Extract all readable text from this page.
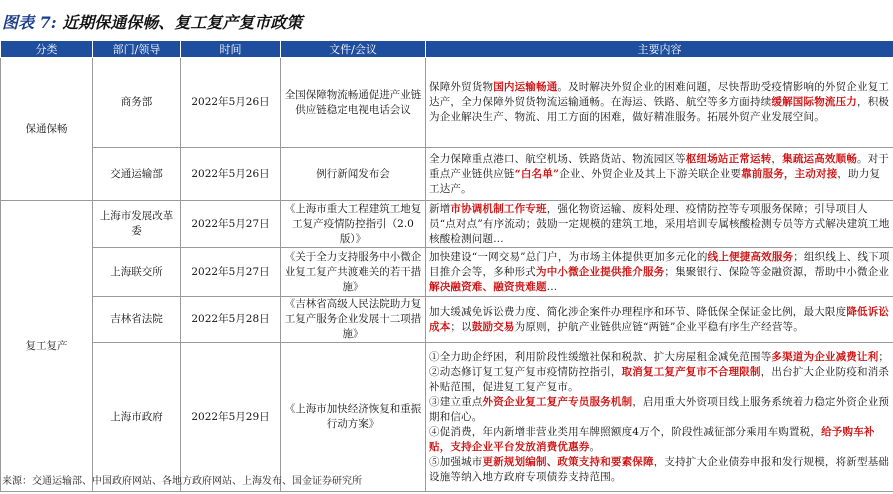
图表 7: 近期保通保畅、复工复产复市政策
分类	部门/领导	时间	文件/会议	主要内容
保通保畅	商务部	2022年5月26日	全国保障物流畅通促进产业链供应链稳定电视电话会议	保障外贸货物国内运输畅通。及时解决外贸企业的困难问题，尽快帮助受疫情影响的外贸企业复工达产，全力保障外贸货物流运输通畅。在海运、铁路、航空等多方面持续缓解国际物流压力，积极为企业解决生产、物流、用工方面的困难，做好精准服务。拓展外贸产业发展空间。
	交通运输部	2022年5月26日	例行新闻发布会	全力保障重点港口、航空机场、铁路货站、物流园区等枢纽场站正常运转，集疏运高效顺畅。对于重点产业链供应链“白名单”企业、外贸企业及其上下游关联企业要靠前服务，主动对接，助力复工达产。
复工复产	上海市发展改革委	2022年5月27日	《上海市重大工程建筑工地复工复产疫情防控指引（2.0版）》	新增市协调机制工作专班，强化物资运输、废料处理、疫情防控等专项服务保障；引导项目人员“点对点”有序流动；鼓励一定规模的建筑工地，采用培训专属核酸检测专员等方式解决建筑工地核酸检测问题...
	上海联交所	2022年5月27日	《关于全力支持服务中小微企业复工复产共渡难关的若干措施》	加快建设“一网交易”总门户，为市场主体提供更加多元化的线上便捷高效服务；组织线上、线下项目推介会等，多种形式为中小微企业提供推介服务；集聚银行、保险等金融资源，帮助中小微企业解决融资难、融资贵难题...
	吉林省法院	2022年5月28日	《吉林省高级人民法院助力复工复产服务企业发展十二项措施》	加大缓减免诉讼费力度、简化涉企案件办理程序和环节、降低保全保证金比例，最大限度降低诉讼成本；以鼓励交易为原则，护航产业链供应链“两链”企业平稳有序生产经营等。
	上海市政府	2022年5月29日	《上海市加快经济恢复和重振行动方案》	①全力助企纾困，利用阶段性缓缴社保和税款、扩大房屋租金减免范围等多渠道为企业减费让利；
②动态修订复工复产复市疫情防控指引，取消复工复产复市不合理限制，出台扩大企业防疫和消杀补贴范围，促进复工复产复市。
③建立重点外资企业复工复产专员服务机制，启用重大外资项目线上服务系统着力稳定外资企业预期和信心。
④促消费，年内新增非营业类用车牌照额度4万个，阶段性减征部分乘用车购置税，给予购车补贴，支持企业平台发放消费优惠券。
⑤加强城市更新规划编制、政策支持和要素保障，支持扩大企业债券申报和发行规模，将新型基础设施等纳入地方政府专项债券支持范围。
来源：交通运输部、中国政府网站、各地方政府网站、上海发布、国金证券研究所
